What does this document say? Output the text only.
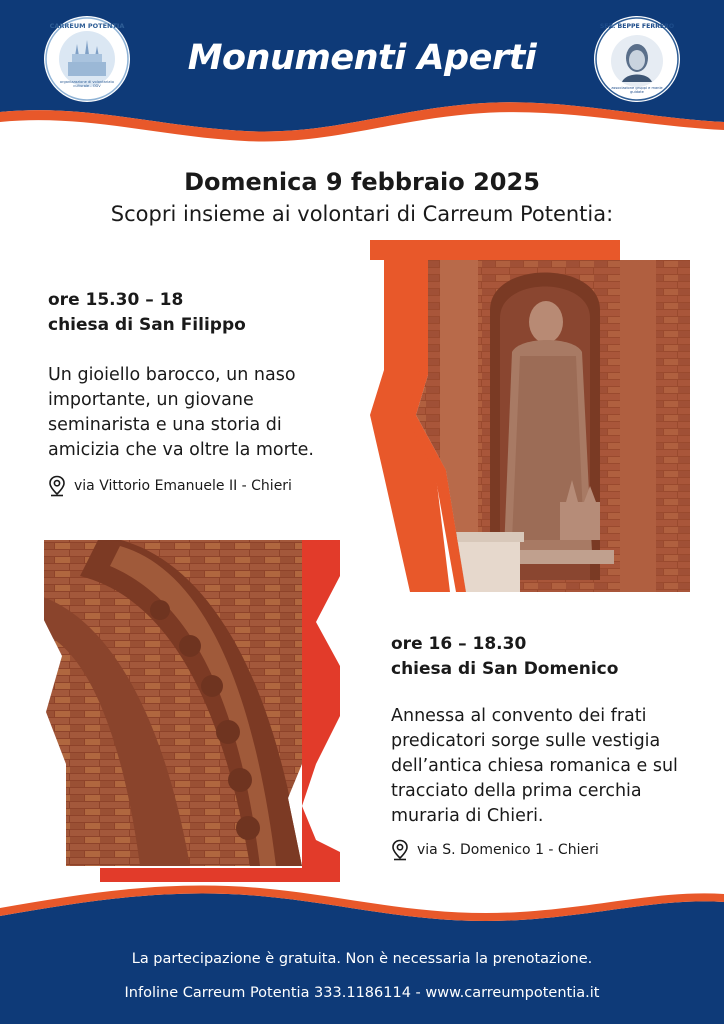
Monumenti Aperti
CARREUM POTENTIA
organizzazione di volontariato culturale - ODV
SEZ. BEPPE FERRERO
associazione gruppi e manie guidate
Domenica 9 febbraio 2025
Scopri insieme ai volontari di Carreum Potentia:
ore 15.30 – 18
chiesa di San Filippo
Un gioiello barocco, un naso
importante, un giovane
seminarista e una storia di
amicizia che va oltre la morte.
via Vittorio Emanuele II - Chieri
ore 16 – 18.30
chiesa di San Domenico
Annessa al convento dei frati
predicatori sorge sulle vestigia
dell’antica chiesa romanica e sul
tracciato della prima cerchia
muraria di Chieri.
via S. Domenico 1 - Chieri
La partecipazione è gratuita. Non è necessaria la prenotazione.
Infoline Carreum Potentia 333.1186114 - www.carreumpotentia.it
